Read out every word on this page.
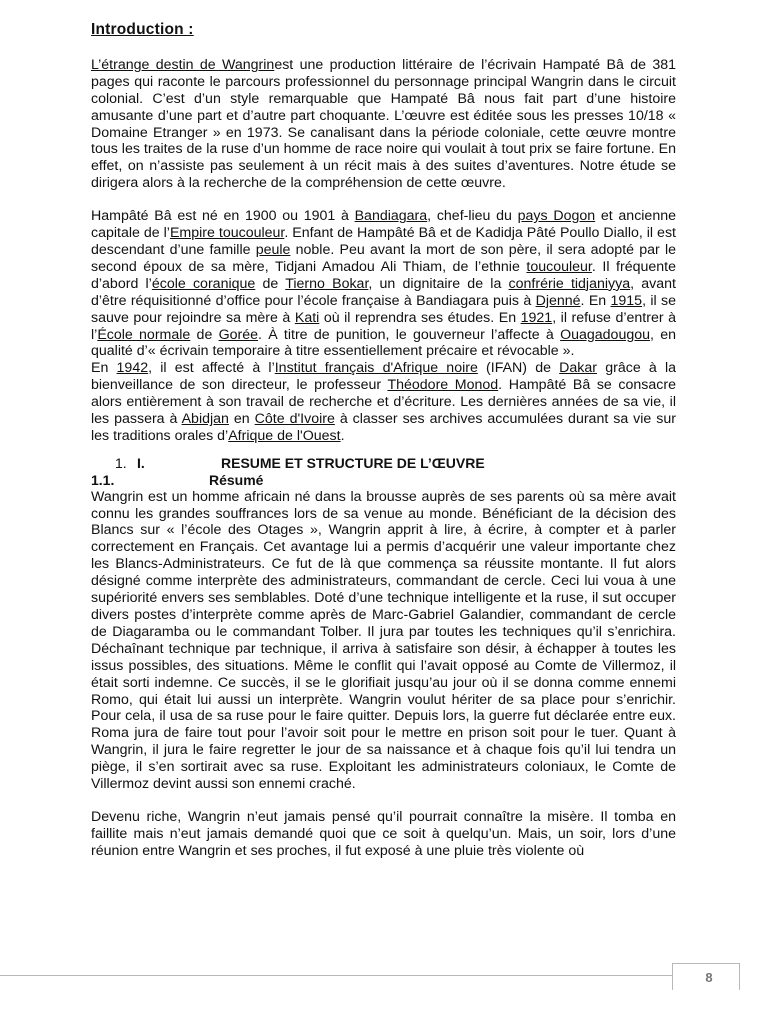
Introduction :

L’étrange destin de Wangrinest une production littéraire de l’écrivain Hampaté Bâ de 381 pages qui raconte le parcours professionnel du personnage principal Wangrin dans le circuit colonial. C’est d’un style remarquable que Hampaté Bâ nous fait part d’une histoire amusante d’une part et d’autre part choquante. L’œuvre est éditée sous les presses 10/18 « Domaine Etranger » en 1973. Se canalisant dans la période coloniale, cette œuvre montre tous les traites de la ruse d’un homme de race noire qui voulait à tout prix se faire fortune. En effet, on n’assiste pas seulement à un récit mais à des suites d’aventures. Notre étude se dirigera alors à la recherche de la compréhension de cette œuvre.

Hampâté Bâ est né en 1900 ou 1901 à Bandiagara, chef-lieu du pays Dogon et ancienne capitale de l’Empire toucouleur. Enfant de Hampâté Bâ et de Kadidja Pâté Poullo Diallo, il est descendant d’une famille peule noble. Peu avant la mort de son père, il sera adopté par le second époux de sa mère, Tidjani Amadou Ali Thiam, de l’ethnie toucouleur. Il fréquente d’abord l’école coranique de Tierno Bokar, un dignitaire de la confrérie tidjaniyya, avant d’être réquisitionné d’office pour l’école française à Bandiagara puis à Djenné. En 1915, il se sauve pour rejoindre sa mère à Kati où il reprendra ses études. En 1921, il refuse d’entrer à l’École normale de Gorée. À titre de punition, le gouverneur l’affecte à Ouagadougou, en qualité d’« écrivain temporaire à titre essentiellement précaire et révocable ».

En 1942, il est affecté à l’Institut français d'Afrique noire (IFAN) de Dakar grâce à la bienveillance de son directeur, le professeur Théodore Monod. Hampâté Bâ se consacre alors entièrement à son travail de recherche et d’écriture. Les dernières années de sa vie, il les passera à Abidjan en Côte d'Ivoire à classer ses archives accumulées durant sa vie sur les traditions orales d’Afrique de l'Ouest.

1. I.	RESUME ET STRUCTURE DE L’ŒUVRE
1.1.	Résumé

Wangrin est un homme africain né dans la brousse auprès de ses parents où sa mère avait connu les grandes souffrances lors de sa venue au monde. Bénéficiant de la décision des Blancs sur « l’école des Otages », Wangrin apprit à lire, à écrire, à compter et à parler correctement en Français. Cet avantage lui a permis d’acquérir une valeur importante chez les Blancs-Administrateurs. Ce fut de là que commença sa réussite montante. Il fut alors désigné comme interprète des administrateurs, commandant de cercle. Ceci lui voua à une supériorité envers ses semblables. Doté d’une technique intelligente et la ruse, il sut occuper divers postes d’interprète comme après de Marc-Gabriel Galandier, commandant de cercle de Diagaramba ou le commandant Tolber. Il jura par toutes les techniques qu’il s’enrichira. Déchaînant technique par technique, il arriva à satisfaire son désir, à échapper à toutes les issus possibles, des situations. Même le conflit qui l’avait opposé au Comte de Villermoz, il était sorti indemne. Ce succès, il se le glorifiait jusqu’au jour où il se donna comme ennemi Romo, qui était lui aussi un interprète. Wangrin voulut hériter de sa place pour s’enrichir. Pour cela, il usa de sa ruse pour le faire quitter. Depuis lors, la guerre fut déclarée entre eux. Roma jura de faire tout pour l’avoir soit pour le mettre en prison soit pour le tuer. Quant à Wangrin, il jura le faire regretter le jour de sa naissance et à chaque fois qu’il lui tendra un piège, il s’en sortirait avec sa ruse. Exploitant les administrateurs coloniaux, le Comte de Villermoz devint aussi son ennemi craché.

Devenu riche, Wangrin n’eut jamais pensé qu’il pourrait connaître la misère. Il tomba en faillite mais n’eut jamais demandé quoi que ce soit à quelqu’un. Mais, un soir, lors d’une réunion entre Wangrin et ses proches, il fut exposé à une pluie très violente où

8
